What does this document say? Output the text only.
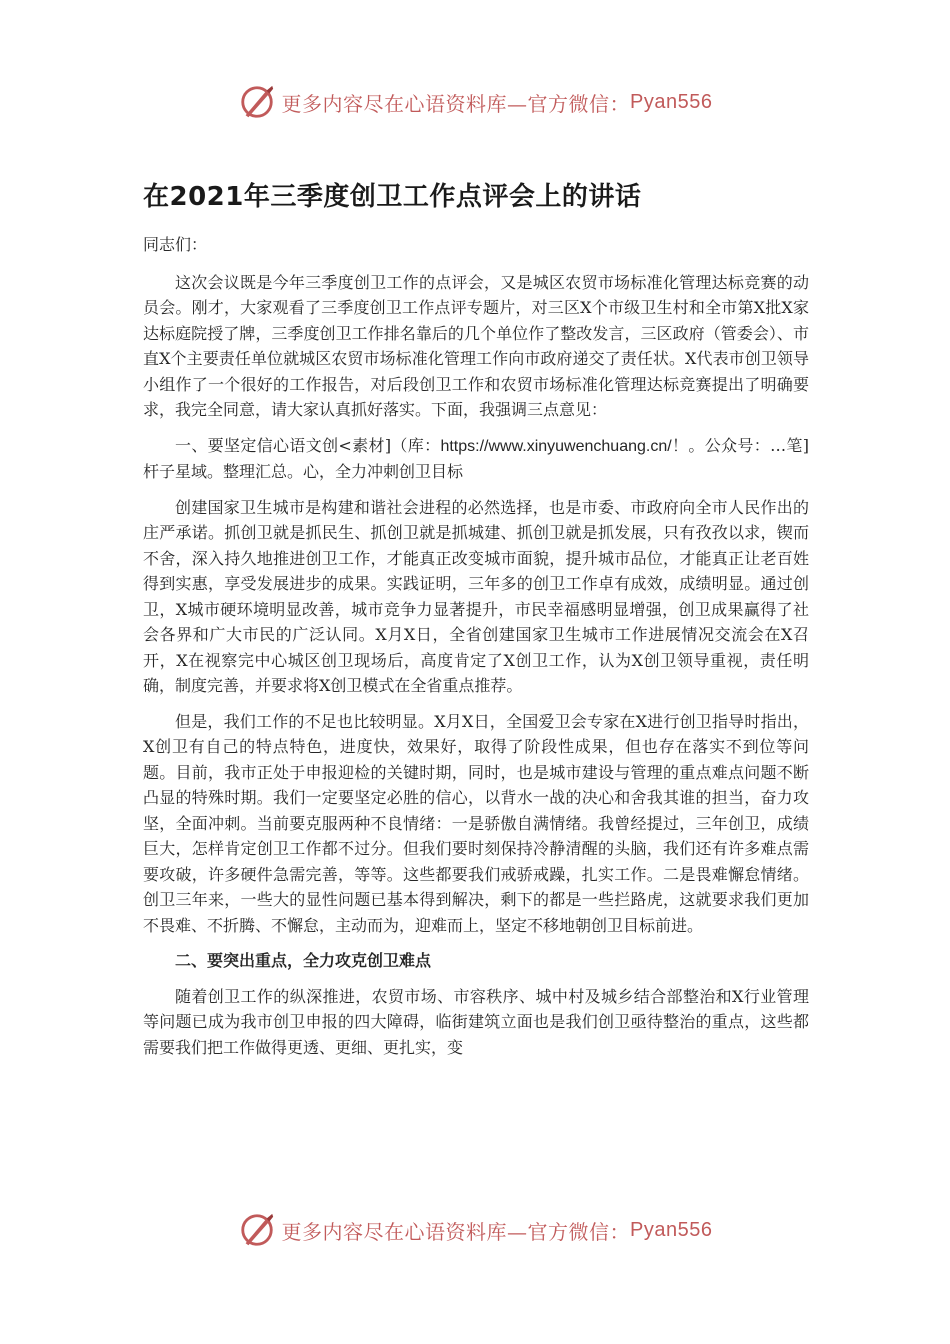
更多内容尽在心语资料库—官方微信： Pyan556
在2021年三季度创卫工作点评会上的讲话

同志们：

这次会议既是今年三季度创卫工作的点评会，又是城区农贸市场标准化管理达标竞赛的动员会。刚才，大家观看了三季度创卫工作点评专题片，对三区X个市级卫生村和全市第X批X家达标庭院授了牌，三季度创卫工作排名靠后的几个单位作了整改发言，三区政府（管委会）、市直X个主要责任单位就城区农贸市场标准化管理工作向市政府递交了责任状。X代表市创卫领导小组作了一个很好的工作报告，对后段创卫工作和农贸市场标准化管理达标竞赛提出了明确要求，我完全同意，请大家认真抓好落实。下面，我强调三点意见：

一、要坚定信心语文创<素材]（库：https://www.xinyuwenchuang.cn/！。公众号：…笔]杆子星域。整理汇总。心，全力冲刺创卫目标

创建国家卫生城市是构建和谐社会进程的必然选择，也是市委、市政府向全市人民作出的庄严承诺。抓创卫就是抓民生、抓创卫就是抓城建、抓创卫就是抓发展，只有孜孜以求，锲而不舍，深入持久地推进创卫工作，才能真正改变城市面貌，提升城市品位，才能真正让老百姓得到实惠，享受发展进步的成果。实践证明，三年多的创卫工作卓有成效，成绩明显。通过创卫，X城市硬环境明显改善，城市竞争力显著提升，市民幸福感明显增强，创卫成果赢得了社会各界和广大市民的广泛认同。X月X日，全省创建国家卫生城市工作进展情况交流会在X召开，X在视察完中心城区创卫现场后，高度肯定了X创卫工作，认为X创卫领导重视，责任明确，制度完善，并要求将X创卫模式在全省重点推荐。

但是，我们工作的不足也比较明显。X月X日，全国爱卫会专家在X进行创卫指导时指出，X创卫有自己的特点特色，进度快，效果好，取得了阶段性成果，但也存在落实不到位等问题。目前，我市正处于申报迎检的关键时期，同时，也是城市建设与管理的重点难点问题不断凸显的特殊时期。我们一定要坚定必胜的信心，以背水一战的决心和舍我其谁的担当，奋力攻坚，全面冲刺。当前要克服两种不良情绪：一是骄傲自满情绪。我曾经提过，三年创卫，成绩巨大，怎样肯定创卫工作都不过分。但我们要时刻保持冷静清醒的头脑，我们还有许多难点需要攻破，许多硬件急需完善，等等。这些都要我们戒骄戒躁，扎实工作。二是畏难懈怠情绪。创卫三年来，一些大的显性问题已基本得到解决，剩下的都是一些拦路虎，这就要求我们更加不畏难、不折腾、不懈怠，主动而为，迎难而上，坚定不移地朝创卫目标前进。

二、要突出重点，全力攻克创卫难点

随着创卫工作的纵深推进，农贸市场、市容秩序、城中村及城乡结合部整治和X行业管理等问题已成为我市创卫申报的四大障碍，临街建筑立面也是我们创卫亟待整治的重点，这些都需要我们把工作做得更透、更细、更扎实，变

更多内容尽在心语资料库—官方微信： Pyan556
